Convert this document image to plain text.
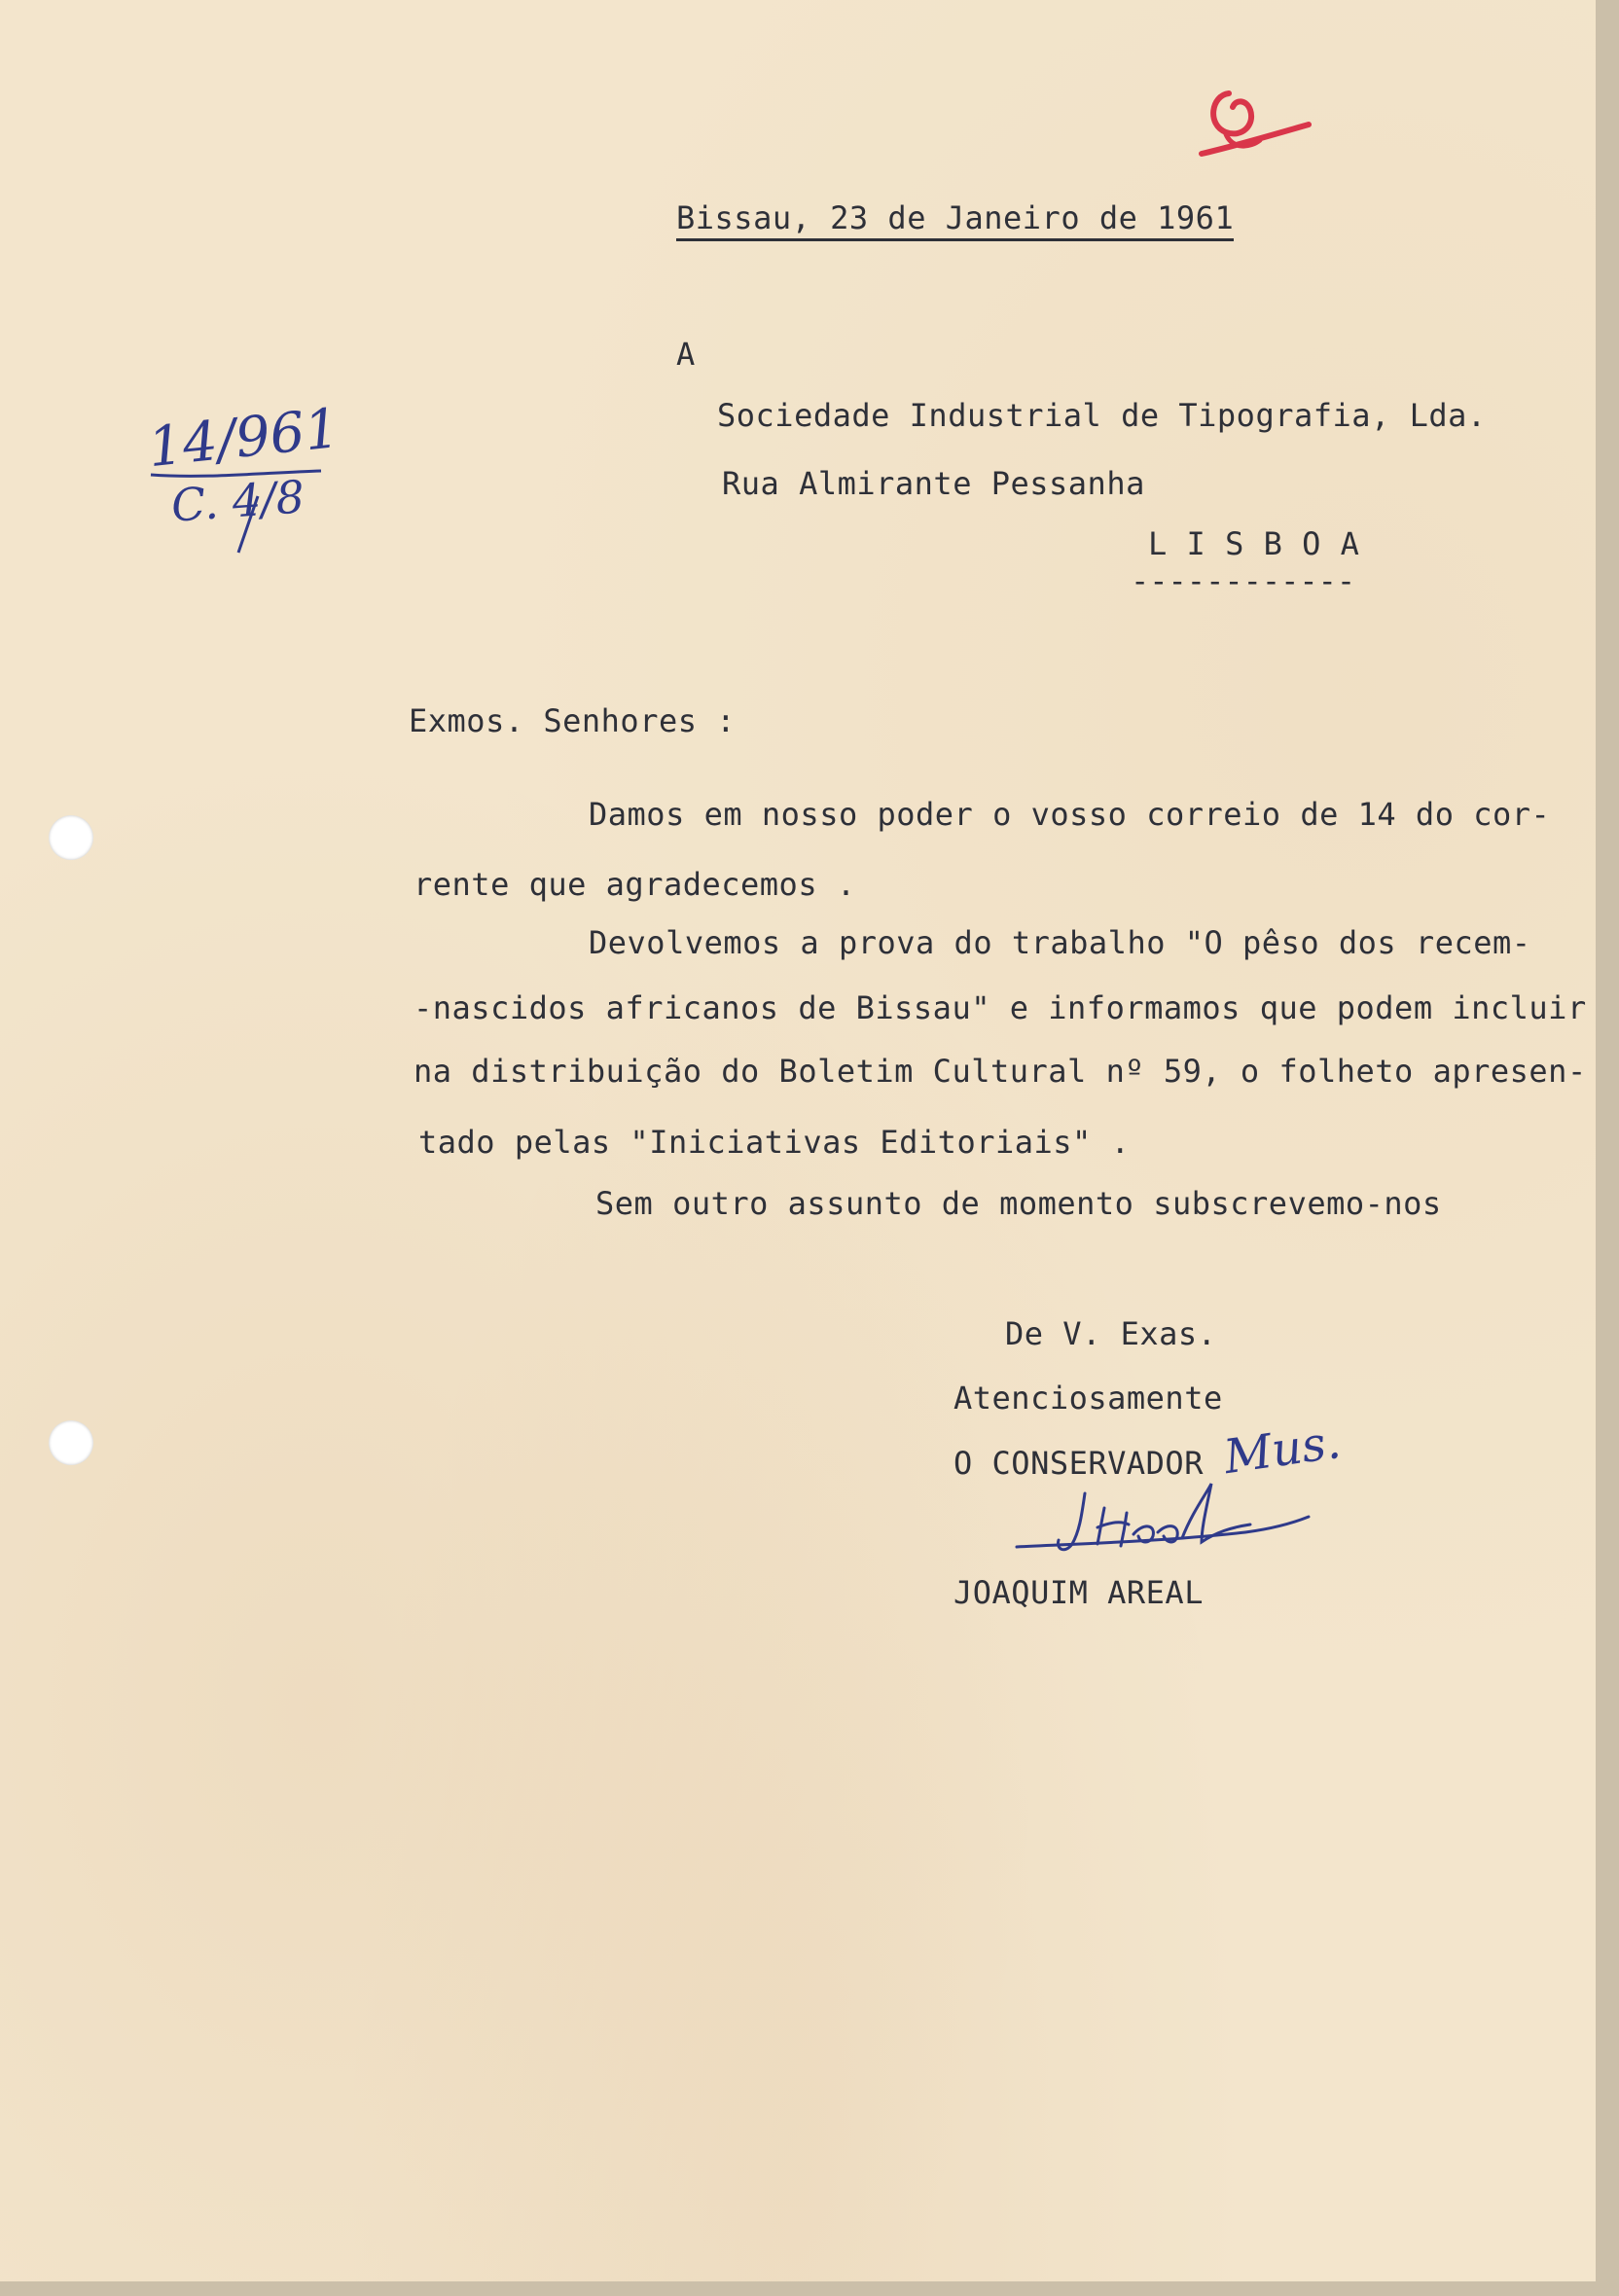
Bissau, 23 de Janeiro de 1961
A
Sociedade Industrial de Tipografia, Lda.
Rua Almirante Pessanha
L I S B O A
------------
14/961
C. 4/8
Exmos. Senhores :
Damos em nosso poder o vosso correio de 14 do cor-
rente que agradecemos .
Devolvemos a prova do trabalho "O pêso dos recem-
-nascidos africanos de Bissau" e informamos que podem incluir
na distribuição do Boletim Cultural nº 59, o folheto apresen-
tado pelas "Iniciativas Editoriais" .
Sem outro assunto de momento subscrevemo-nos
De V. Exas.
Atenciosamente
O CONSERVADOR Mus.
JOAQUIM AREAL
